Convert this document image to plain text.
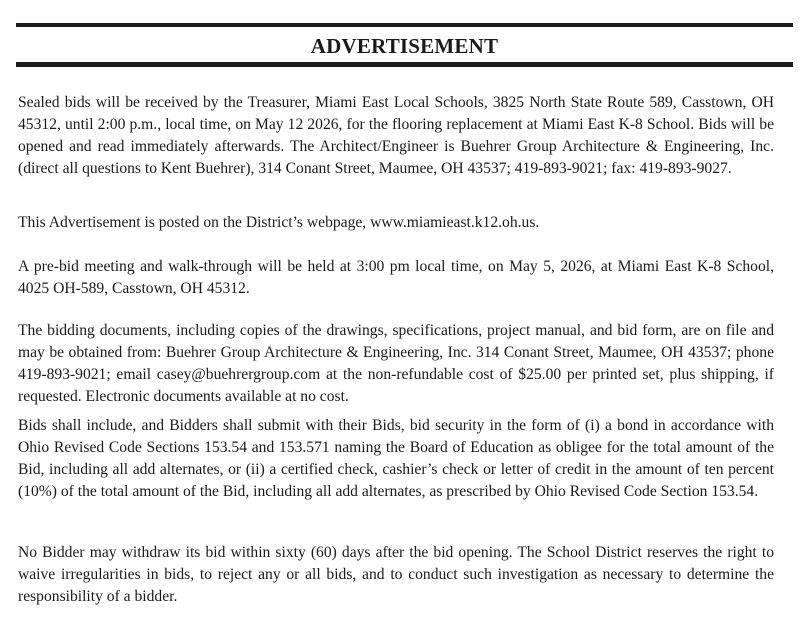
ADVERTISEMENT

Sealed bids will be received by the Treasurer, Miami East Local Schools, 3825 North State Route 589, Casstown, OH 45312, until 2:00 p.m., local time, on May 12 2026, for the flooring replacement at Miami East K-8 School. Bids will be opened and read immediately afterwards. The Architect/Engineer is Buehrer Group Architecture & Engineering, Inc. (direct all questions to Kent Buehrer), 314 Conant Street, Maumee, OH 43537; 419-893-9021; fax: 419-893-9027.

This Advertisement is posted on the District’s webpage, www.miamieast.k12.oh.us.

A pre-bid meeting and walk-through will be held at 3:00 pm local time, on May 5, 2026, at Miami East K-8 School, 4025 OH-589, Casstown, OH 45312.

The bidding documents, including copies of the drawings, specifications, project manual, and bid form, are on file and may be obtained from: Buehrer Group Architecture & Engineering, Inc. 314 Conant Street, Maumee, OH 43537; phone 419-893-9021; email casey@buehrergroup.com at the non-refundable cost of $25.00 per printed set, plus shipping, if requested. Electronic documents available at no cost.

Bids shall include, and Bidders shall submit with their Bids, bid security in the form of (i) a bond in accordance with Ohio Revised Code Sections 153.54 and 153.571 naming the Board of Education as obligee for the total amount of the Bid, including all add alternates, or (ii) a certified check, cashier’s check or letter of credit in the amount of ten percent (10%) of the total amount of the Bid, including all add alternates, as prescribed by Ohio Revised Code Section 153.54.

No Bidder may withdraw its bid within sixty (60) days after the bid opening. The School District reserves the right to waive irregularities in bids, to reject any or all bids, and to conduct such investigation as necessary to determine the responsibility of a bidder.
